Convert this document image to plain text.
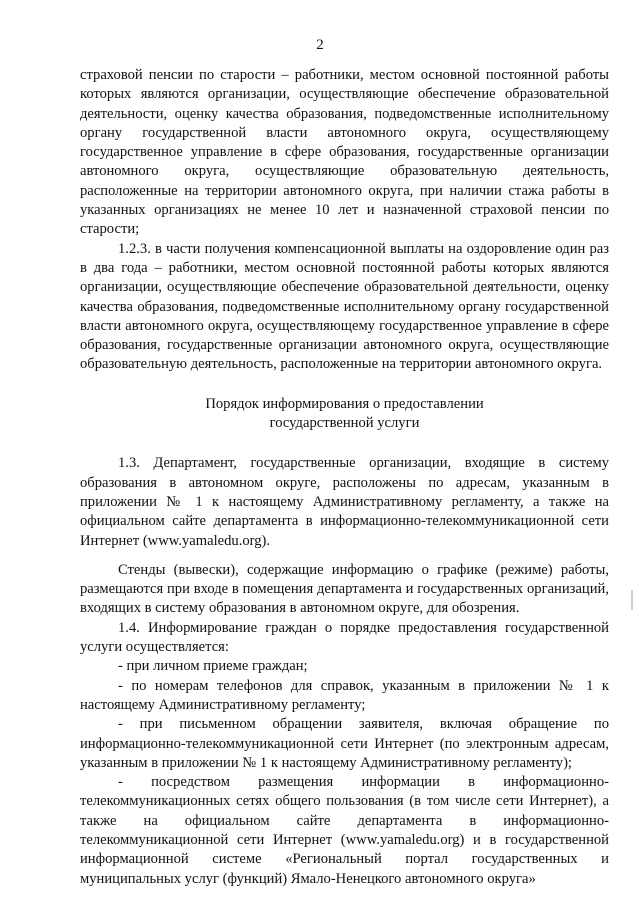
2

страховой пенсии по старости – работники, местом основной постоянной работы которых являются организации, осуществляющие обеспечение образовательной деятельности, оценку качества образования, подведомственные исполнительному органу государственной власти автономного округа, осуществляющему государственное управление в сфере образования, государственные организации автономного округа, осуществляющие образовательную деятельность, расположенные на территории автономного округа, при наличии стажа работы в указанных организациях не менее 10 лет и назначенной страховой пенсии по старости;

1.2.3. в части получения компенсационной выплаты на оздоровление один раз в два года – работники, местом основной постоянной работы которых являются организации, осуществляющие обеспечение образовательной деятельности, оценку качества образования, подведомственные исполнительному органу государственной власти автономного округа, осуществляющему государственное управление в сфере образования, государственные организации автономного округа, осуществляющие образовательную деятельность, расположенные на территории автономного округа.

Порядок информирования о предоставлении
государственной услуги

1.3. Департамент, государственные организации, входящие в систему образования в автономном округе, расположены по адресам, указанным в приложении № 1 к настоящему Административному регламенту, а также на официальном сайте департамента в информационно-телекоммуникационной сети Интернет (www.yamaledu.org).

Стенды (вывески), содержащие информацию о графике (режиме) работы, размещаются при входе в помещения департамента и государственных организаций, входящих в систему образования в автономном округе, для обозрения.

1.4. Информирование граждан о порядке предоставления государственной услуги осуществляется:

- при личном приеме граждан;

- по номерам телефонов для справок, указанным в приложении № 1 к настоящему Административному регламенту;

- при письменном обращении заявителя, включая обращение по информационно-телекоммуникационной сети Интернет (по электронным адресам, указанным в приложении № 1 к настоящему Административному регламенту);

- посредством размещения информации в информационно-телекоммуникационных сетях общего пользования (в том числе сети Интернет), а также на официальном сайте департамента в информационно-телекоммуникационной сети Интернет (www.yamaledu.org) и в государственной информационной системе «Региональный портал государственных и муниципальных услуг (функций) Ямало-Ненецкого автономного округа»
